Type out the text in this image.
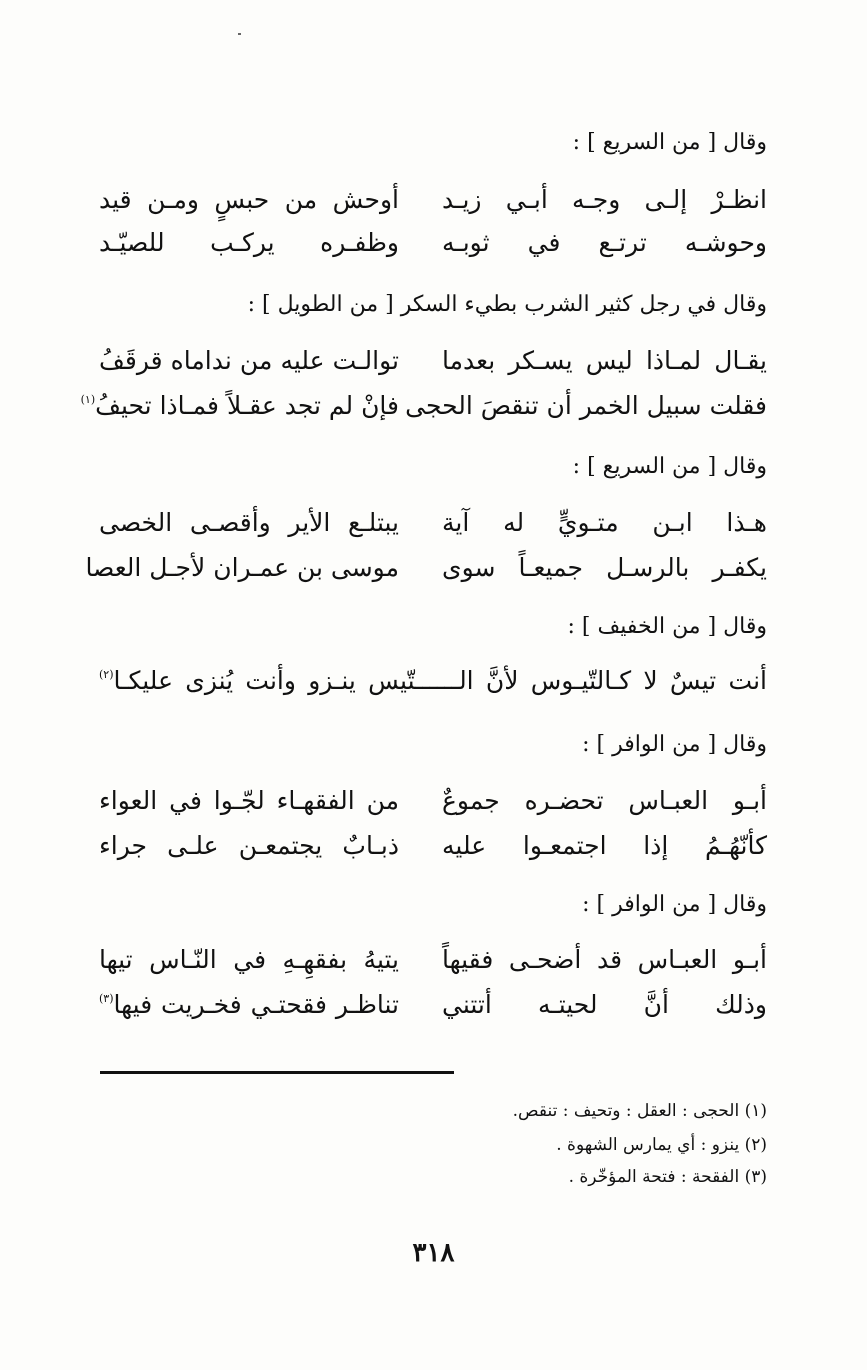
وقال [ من السريع ] :
انظـرْ إلـى وجـه أبـي زيـد
أوحش من حبسٍ ومـن قيد
وحوشـه ترتـع في ثوبـه
وظفـره يركـب للصيّـد
وقال في رجل كثير الشرب بطيء السكر [ من الطويل ] :
يقـال لمـاذا ليس يسـكر بعدما
توالـت عليه من نداماه قرقَفُ
فقلت سبيل الخمر أن تنقصَ الحجى
فإنْ لم تجد عقـلاً فمـاذا تحيفُ$^{(١)}$
وقال [ من السريع ] :
هـذا ابـن متـويٍّ له آية
يبتلـع الأير وأقصـى الخصى
يكفـر بالرسـل جميعـاً سوى
موسى بن عمـران لأجـل العصا
وقال [ من الخفيف ] :
أنت تيسٌ لا كـالتّيـوس لأنَّ الــــــتّيس ينـزو وأنت يُنزى عليكـا$^{(٢)}$
وقال [ من الوافر ] :
أبـو العبـاس تحضـره جموعٌ
من الفقهـاء لجّـوا في العواء
كأنّهُـمُ إذا اجتمعـوا عليه
ذبـابٌ يجتمعـن علـى جراء
وقال [ من الوافر ] :
أبـو العبـاس قد أضحـى فقيهاً
يتيهُ بفقهِـهِ في النّـاس تيها
وذلك أنَّ لحيتـه أتتني
تناظـر فقحتـي فخـريت فيها$^{(٣)}$
(١) الحجى : العقل : وتحيف : تنقص.
(٢) ينزو : أي يمارس الشهوة .
(٣) الفقحة : فتحة المؤخّرة .
٣١٨
